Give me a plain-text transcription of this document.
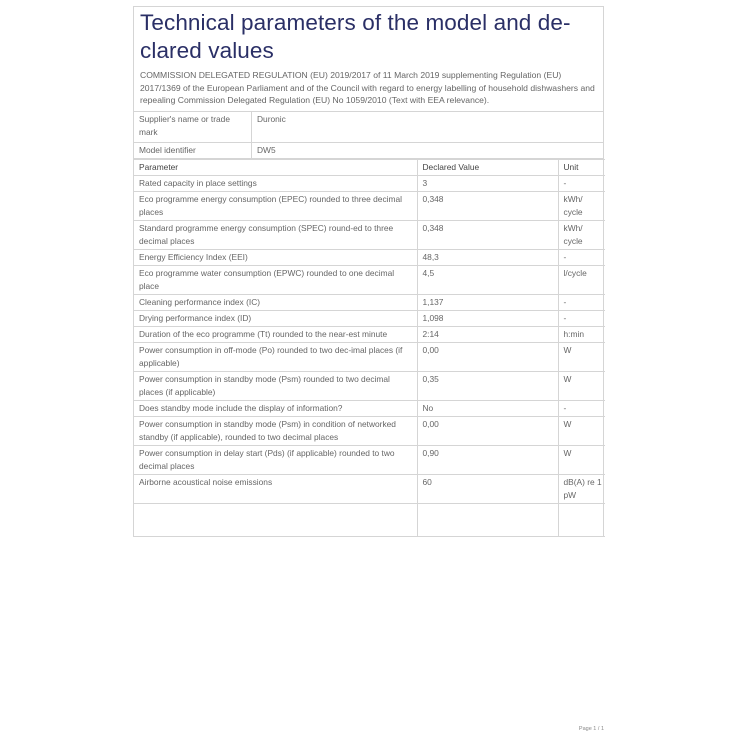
Technical parameters of the model and de-clared values
COMMISSION DELEGATED REGULATION (EU) 2019/2017 of 11 March 2019 supplementing Regulation (EU) 2017/1369 of the European Parliament and of the Council with regard to energy labelling of household dishwashers and repealing Commission Delegated Regulation (EU) No 1059/2010 (Text with EEA relevance).
Supplier's name or trade mark	Duronic
Model identifier	DW5
Parameter	Declared Value	Unit
Rated capacity in place settings	3	-
Eco programme energy consumption (EPEC) rounded to three decimal places	0,348	kWh/ cycle
Standard programme energy consumption (SPEC) round-ed to three decimal places	0,348	kWh/ cycle
Energy Efficiency Index (EEI)	48,3	-
Eco programme water consumption (EPWC) rounded to one decimal place	4,5	l/cycle
Cleaning performance index (IC)	1,137	-
Drying performance index (ID)	1,098	-
Duration of the eco programme (Tt) rounded to the near-est minute	2:14	h:min
Power consumption in off-mode (Po) rounded to two dec-imal places (if applicable)	0,00	W
Power consumption in standby mode (Psm) rounded to two decimal places (if applicable)	0,35	W
Does standby mode include the display of information?	No	-
Power consumption in standby mode (Psm) in condition of networked standby (if applicable), rounded to two decimal places	0,00	W
Power consumption in delay start (Pds) (if applicable) rounded to two decimal places	0,90	W
Airborne acoustical noise emissions	60	dB(A) re 1 pW

Page 1 / 1
